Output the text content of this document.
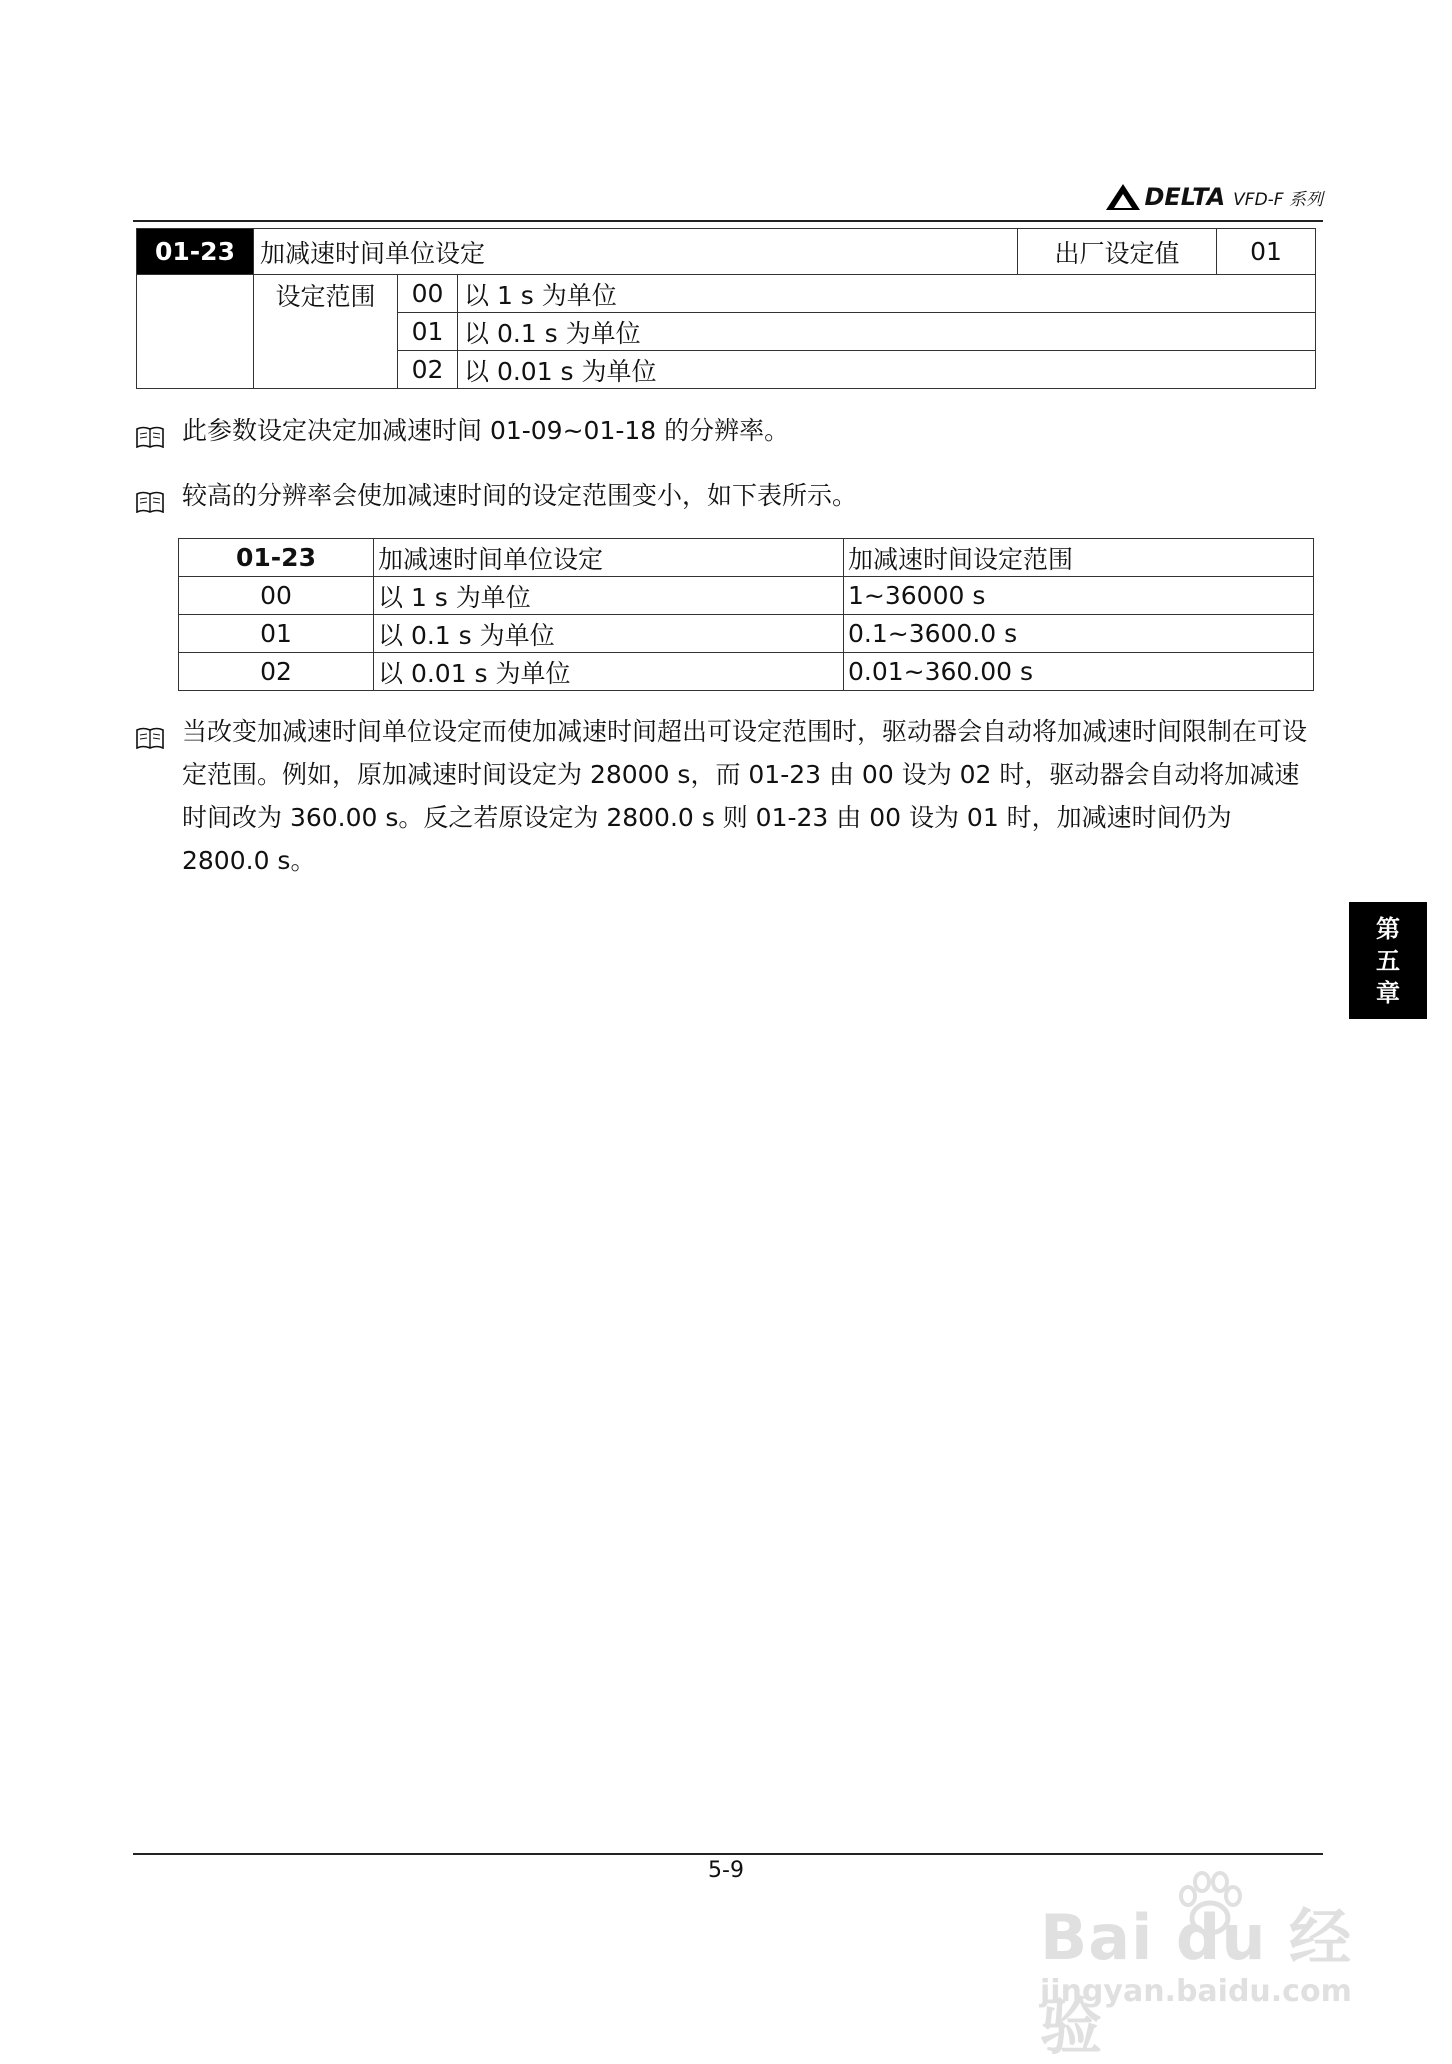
DELTA VFD-F 系列
01-23	加减速时间单位设定			出厂设定值	01
	设定范围	00	以 1 s 为单位		
		01	以 0.1 s 为单位		
		02	以 0.01 s 为单位		
此参数设定决定加减速时间 01-09~01-18 的分辨率。
较高的分辨率会使加减速时间的设定范围变小，如下表所示。
01-23	加减速时间单位设定	加减速时间设定范围
00	以 1 s 为单位	1~36000 s
01	以 0.1 s 为单位	0.1~3600.0 s
02	以 0.01 s 为单位	0.01~360.00 s
当改变加减速时间单位设定而使加减速时间超出可设定范围时，驱动器会自动将加减速时间限制在可设定范围。例如，原加减速时间设定为 28000 s，而 01-23 由 00 设为 02 时，驱动器会自动将加减速时间改为 360.00 s。反之若原设定为 2800.0 s 则 01-23 由 00 设为 01 时，加减速时间仍为 2800.0 s。
第
五
章
5-9
Bai du 经验
jingyan.baidu.com
